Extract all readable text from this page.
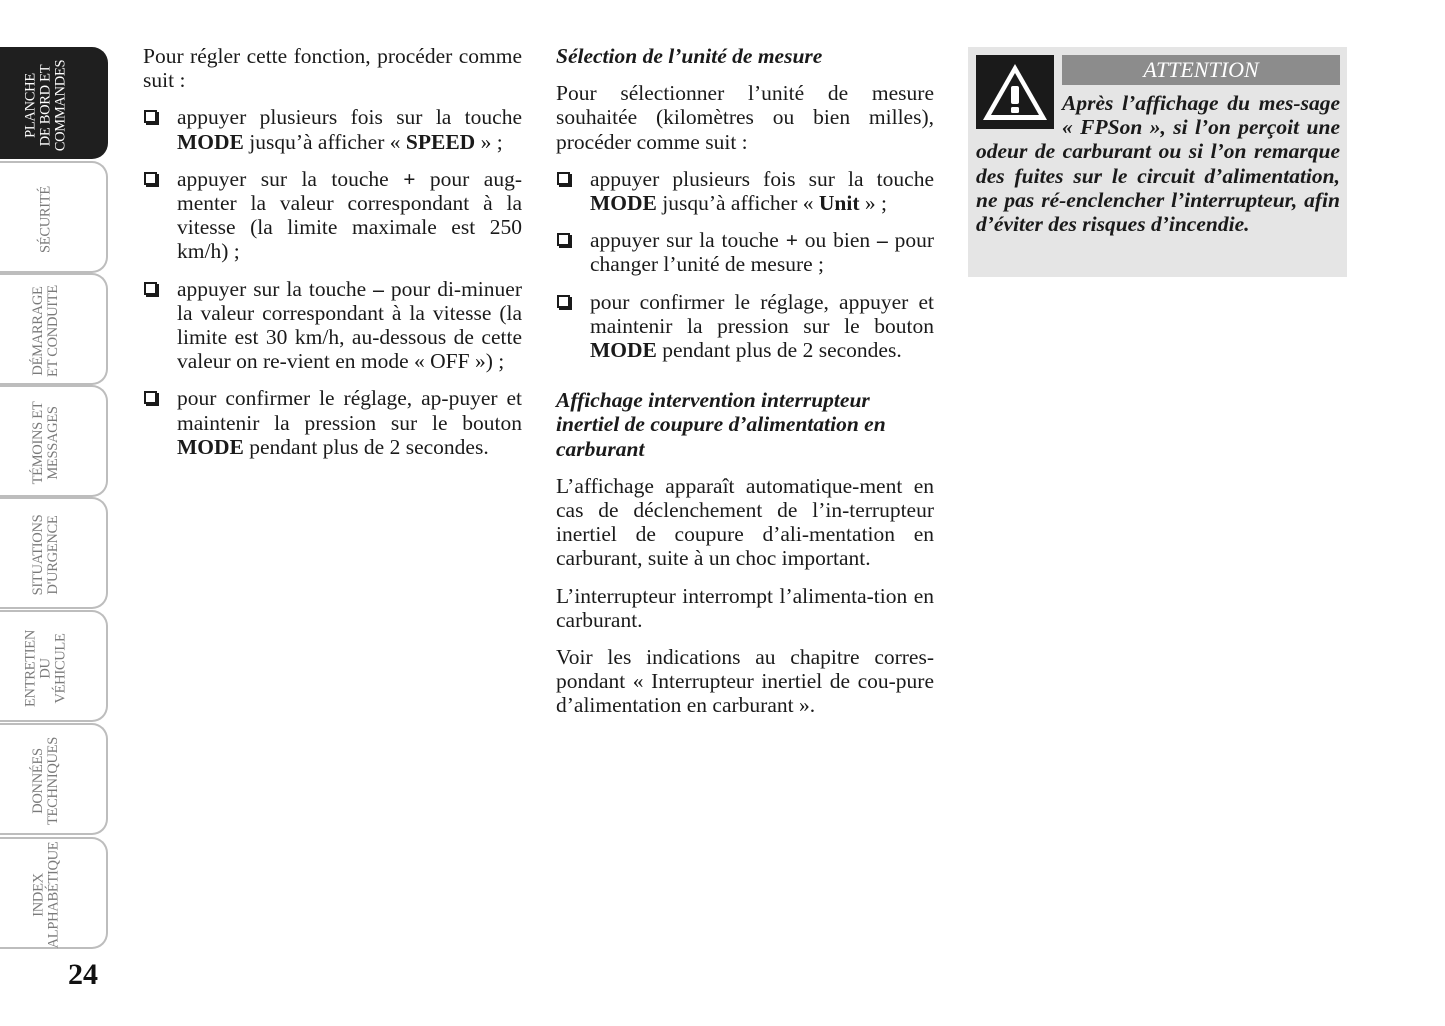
PLANCHE
DE BORD ET
COMMANDES
SÉCURITÉ
DÉMARRAGE
ET CONDUITE
TÉMOINS ET
MESSAGES
SITUATIONS
D'URGENCE
ENTRETIEN
DU VÉHICULE
DONNÉES
TECHNIQUES
INDEX
ALPHABÉTIQUE
24

Pour régler cette fonction, procéder comme suit :

appuyer plusieurs fois sur la touche MODE jusqu’à afficher « SPEED » ;
appuyer sur la touche + pour aug-menter la valeur correspondant à la vitesse (la limite maximale est 250 km/h) ;
appuyer sur la touche – pour di-minuer la valeur correspondant à la vitesse (la limite est 30 km/h, au-dessous de cette valeur on re-vient en mode « OFF ») ;
pour confirmer le réglage, ap-puyer et maintenir la pression sur le bouton MODE pendant plus de 2 secondes.
Sélection de l’unité de mesure

Pour sélectionner l’unité de mesure souhaitée (kilomètres ou bien milles), procéder comme suit :

appuyer plusieurs fois sur la touche MODE jusqu’à afficher « Unit » ;
appuyer sur la touche + ou bien – pour changer l’unité de mesure ;
pour confirmer le réglage, appuyer et maintenir la pression sur le bouton MODE pendant plus de 2 secondes.
Affichage intervention interrupteur inertiel de coupure d’alimentation en carburant

L’affichage apparaît automatique-ment en cas de déclenchement de l’in-terrupteur inertiel de coupure d’ali-mentation en carburant, suite à un choc important.

L’interrupteur interrompt l’alimenta-tion en carburant.

Voir les indications au chapitre corres-pondant « Interrupteur inertiel de cou-pure d’alimentation en carburant ».

ATTENTION
Après l’affichage du mes-sage « FPSon », si l’on perçoit une odeur de carburant ou si l’on remarque des fuites sur le circuit d’alimentation, ne pas ré-enclencher l’interrupteur, afin d’éviter des risques d’incendie.
